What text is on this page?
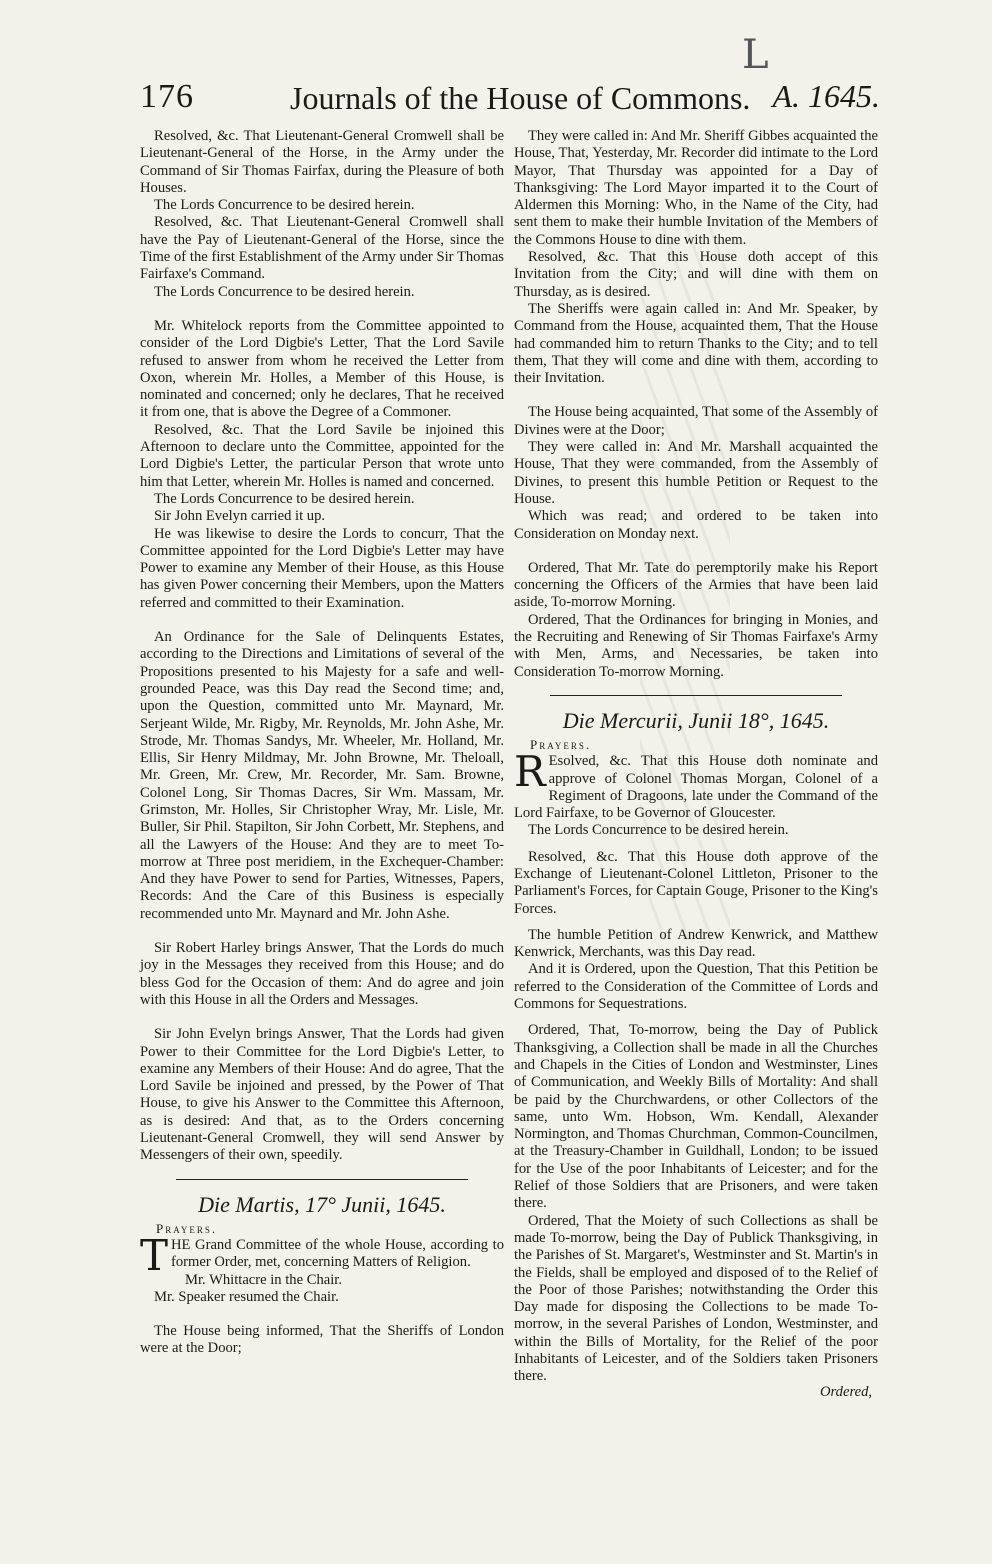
L
176	Journals of the House of Commons. A. 1645.

Resolved, &c. That Lieutenant-General Cromwell shall be Lieutenant-General of the Horse, in the Army under the Command of Sir Thomas Fairfax, during the Pleasure of both Houses.

The Lords Concurrence to be desired herein.

Resolved, &c. That Lieutenant-General Cromwell shall have the Pay of Lieutenant-General of the Horse, since the Time of the first Establishment of the Army under Sir Thomas Fairfaxe's Command.

The Lords Concurrence to be desired herein.

Mr. Whitelock reports from the Committee appointed to consider of the Lord Digbie's Letter, That the Lord Savile refused to answer from whom he received the Letter from Oxon, wherein Mr. Holles, a Member of this House, is nominated and concerned; only he declares, That he received it from one, that is above the Degree of a Commoner.

Resolved, &c. That the Lord Savile be injoined this Afternoon to declare unto the Committee, appointed for the Lord Digbie's Letter, the particular Person that wrote unto him that Letter, wherein Mr. Holles is named and concerned.

The Lords Concurrence to be desired herein.

Sir John Evelyn carried it up.

He was likewise to desire the Lords to concurr, That the Committee appointed for the Lord Digbie's Letter may have Power to examine any Member of their House, as this House has given Power concerning their Members, upon the Matters referred and committed to their Examination.

An Ordinance for the Sale of Delinquents Estates, according to the Directions and Limitations of several of the Propositions presented to his Majesty for a safe and well-grounded Peace, was this Day read the Second time; and, upon the Question, committed unto Mr. Maynard, Mr. Serjeant Wilde, Mr. Rigby, Mr. Reynolds, Mr. John Ashe, Mr. Strode, Mr. Thomas Sandys, Mr. Wheeler, Mr. Holland, Mr. Ellis, Sir Henry Mildmay, Mr. John Browne, Mr. Theloall, Mr. Green, Mr. Crew, Mr. Recorder, Mr. Sam. Browne, Colonel Long, Sir Thomas Dacres, Sir Wm. Massam, Mr. Grimston, Mr. Holles, Sir Christopher Wray, Mr. Lisle, Mr. Buller, Sir Phil. Stapilton, Sir John Corbett, Mr. Stephens, and all the Lawyers of the House: And they are to meet To-morrow at Three post meridiem, in the Exchequer-Chamber: And they have Power to send for Parties, Witnesses, Papers, Records: And the Care of this Business is especially recommended unto Mr. Maynard and Mr. John Ashe.

Sir Robert Harley brings Answer, That the Lords do much joy in the Messages they received from this House; and do bless God for the Occasion of them: And do agree and join with this House in all the Orders and Messages.

Sir John Evelyn brings Answer, That the Lords had given Power to their Committee for the Lord Digbie's Letter, to examine any Members of their House: And do agree, That the Lord Savile be injoined and pressed, by the Power of That House, to give his Answer to the Committee this Afternoon, as is desired: And that, as to the Orders concerning Lieutenant-General Cromwell, they will send Answer by Messengers of their own, speedily.

Die Martis, 17° Junii, 1645.

Prayers.

THE Grand Committee of the whole House, according to former Order, met, concerning Matters of Religion.

Mr. Whittacre in the Chair.

Mr. Speaker resumed the Chair.

The House being informed, That the Sheriffs of London were at the Door;

They were called in: And Mr. Sheriff Gibbes acquainted the House, That, Yesterday, Mr. Recorder did intimate to the Lord Mayor, That Thursday was appointed for a Day of Thanksgiving: The Lord Mayor imparted it to the Court of Aldermen this Morning: Who, in the Name of the City, had sent them to make their humble Invitation of the Members of the Commons House to dine with them.

Resolved, &c. That this House doth accept of this Invitation from the City; and will dine with them on Thursday, as is desired.

The Sheriffs were again called in: And Mr. Speaker, by Command from the House, acquainted them, That the House had commanded him to return Thanks to the City; and to tell them, That they will come and dine with them, according to their Invitation.

The House being acquainted, That some of the Assembly of Divines were at the Door;

They were called in: And Mr. Marshall acquainted the House, That they were commanded, from the Assembly of Divines, to present this humble Petition or Request to the House.

Which was read; and ordered to be taken into Consideration on Monday next.

Ordered, That Mr. Tate do peremptorily make his Report concerning the Officers of the Armies that have been laid aside, To-morrow Morning.

Ordered, That the Ordinances for bringing in Monies, and the Recruiting and Renewing of Sir Thomas Fairfaxe's Army with Men, Arms, and Necessaries, be taken into Consideration To-morrow Morning.

Die Mercurii, Junii 18°, 1645.

Prayers.

R Esolved, &c. That this House doth nominate and approve of Colonel Thomas Morgan, Colonel of a Regiment of Dragoons, late under the Command of the Lord Fairfaxe, to be Governor of Gloucester.

The Lords Concurrence to be desired herein.

Resolved, &c. That this House doth approve of the Exchange of Lieutenant-Colonel Littleton, Prisoner to the Parliament's Forces, for Captain Gouge, Prisoner to the King's Forces.

The humble Petition of Andrew Kenwrick, and Matthew Kenwrick, Merchants, was this Day read.

And it is Ordered, upon the Question, That this Petition be referred to the Consideration of the Committee of Lords and Commons for Sequestrations.

Ordered, That, To-morrow, being the Day of Publick Thanksgiving, a Collection shall be made in all the Churches and Chapels in the Cities of London and Westminster, Lines of Communication, and Weekly Bills of Mortality: And shall be paid by the Churchwardens, or other Collectors of the same, unto Wm. Hobson, Wm. Kendall, Alexander Normington, and Thomas Churchman, Common-Councilmen, at the Treasury-Chamber in Guildhall, London; to be issued for the Use of the poor Inhabitants of Leicester; and for the Relief of those Soldiers that are Prisoners, and were taken there.

Ordered, That the Moiety of such Collections as shall be made To-morrow, being the Day of Publick Thanksgiving, in the Parishes of St. Margaret's, Westminster and St. Martin's in the Fields, shall be employed and disposed of to the Relief of the Poor of those Parishes; notwithstanding the Order this Day made for disposing the Collections to be made To-morrow, in the several Parishes of London, Westminster, and within the Bills of Mortality, for the Relief of the poor Inhabitants of Leicester, and of the Soldiers taken Prisoners there.

Ordered,
